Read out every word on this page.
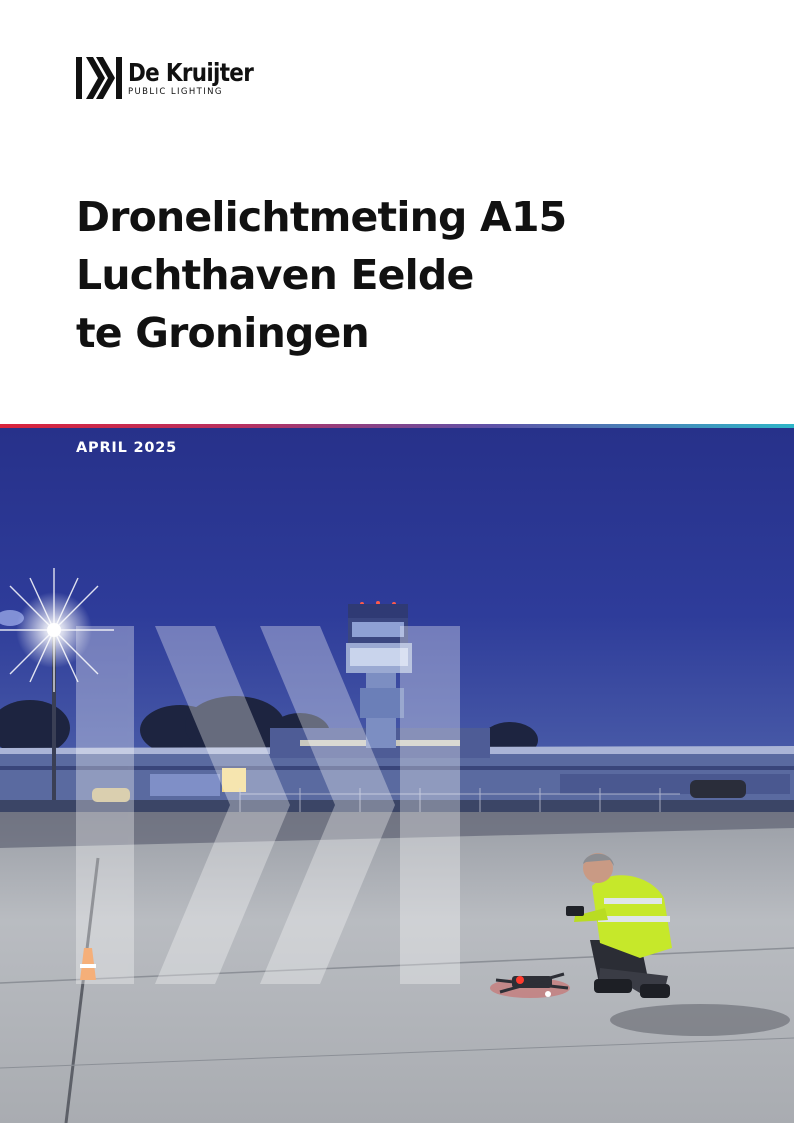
De Kruijter
PUBLIC LIGHTING
Dronelichtmeting A15
Luchthaven Eelde
te Groningen

APRIL 2025
